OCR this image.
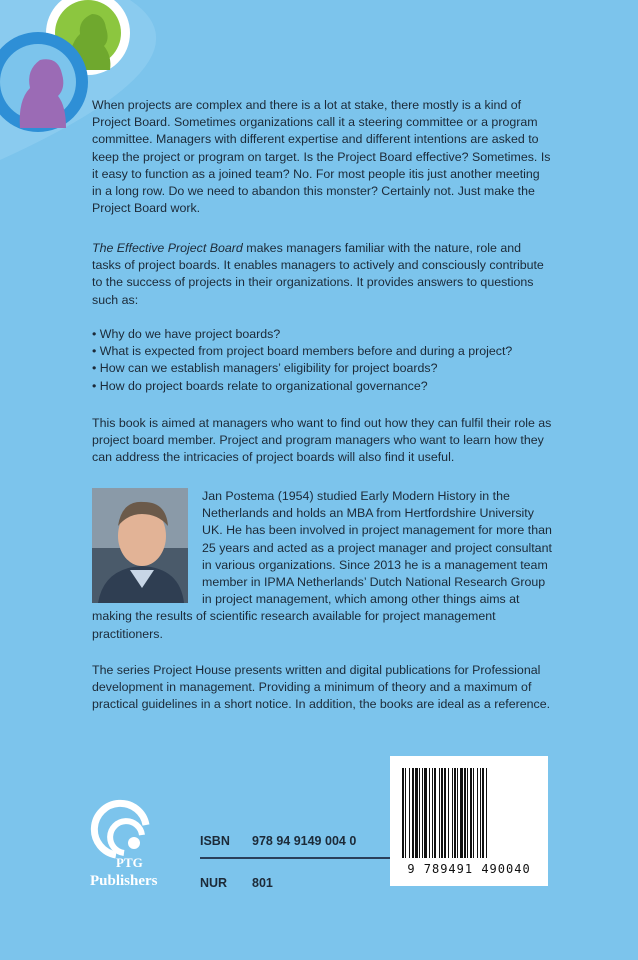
When projects are complex and there is a lot at stake, there mostly is a kind of Project Board. Sometimes organizations call it a steering committee or a program committee. Managers with different expertise and different intentions are asked to keep the project or program on target. Is the Project Board effective? Sometimes. Is it easy to function as a joined team? No. For most people itis just another meeting in a long row. Do we need to abandon this monster? Certainly not. Just make the Project Board work.
The Effective Project Board makes managers familiar with the nature, role and tasks of project boards. It enables managers to actively and consciously contribute to the success of projects in their organizations. It provides answers to questions such as:
• Why do we have project boards?
• What is expected from project board members before and during a project?
• How can we establish managers’ eligibility for project boards?
• How do project boards relate to organizational governance?
This book is aimed at managers who want to find out how they can fulfil their role as project board member. Project and program managers who want to learn how they can address the intricacies of project boards will also find it useful.

Jan Postema (1954) studied Early Modern History in the Netherlands and holds an MBA from Hertfordshire University UK. He has been involved in project management for more than 25 years and acted as a project manager and project consultant in various organizations. Since 2013 he is a management team member in IPMA Netherlands’ Dutch National Research Group in project management, which among other things aims at making the results of scientific research available for project management practitioners.

The series Project House presents written and digital publications for Professional development in management. Providing a minimum of theory and a maximum of practical guidelines in a short notice. In addition, the books are ideal as a reference.
PTG
Publishers
ISBN 978 94 9149 004 0
NUR 801
9 789491 490040
